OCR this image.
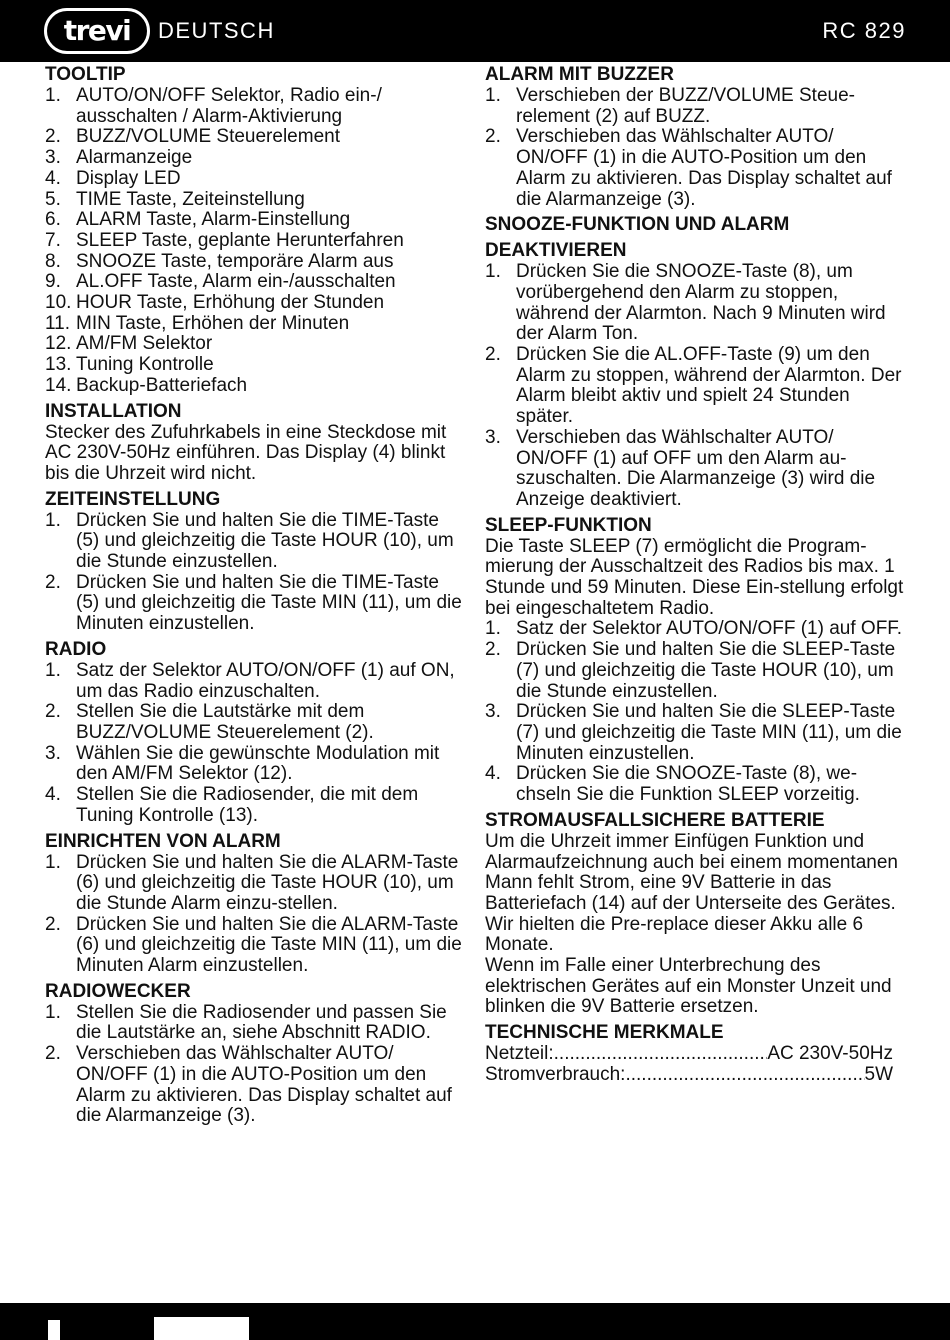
trevi DEUTSCH	RC 829
TOOLTIP
1. AUTO/ON/OFF Selektor, Radio ein-/ ausschalten / Alarm-Aktivierung
2. BUZZ/VOLUME Steuerelement
3. Alarmanzeige
4. Display LED
5. TIME Taste, Zeiteinstellung
6. ALARM Taste, Alarm-Einstellung
7. SLEEP Taste, geplante Herunterfahren
8. SNOOZE Taste, temporäre Alarm aus
9. AL.OFF Taste, Alarm ein-/ausschalten
10. HOUR Taste, Erhöhung der Stunden
11. MIN Taste, Erhöhen der Minuten
12. AM/FM Selektor
13. Tuning Kontrolle
14. Backup-Batteriefach
INSTALLATION

Stecker des Zufuhrkabels in eine Steckdose mit AC 230V-50Hz einführen. Das Display (4) blinkt bis die Uhrzeit wird nicht.

ZEITEINSTELLUNG
1. Drücken Sie und halten Sie die TIME-Taste (5) und gleichzeitig die Taste HOUR (10), um die Stunde einzustellen.
2. Drücken Sie und halten Sie die TIME-Taste (5) und gleichzeitig die Taste MIN (11), um die Minuten einzustellen.
RADIO
1. Satz der Selektor AUTO/ON/OFF (1) auf ON, um das Radio einzuschalten.
2. Stellen Sie die Lautstärke mit dem BUZZ/VOLUME Steuerelement (2).
3. Wählen Sie die gewünschte Modulation mit den AM/FM Selektor (12).
4. Stellen Sie die Radiosender, die mit dem Tuning Kontrolle (13).
EINRICHTEN VON ALARM
1. Drücken Sie und halten Sie die ALARM-Taste (6) und gleichzeitig die Taste HOUR (10), um die Stunde Alarm einzu-stellen.
2. Drücken Sie und halten Sie die ALARM-Taste (6) und gleichzeitig die Taste MIN (11), um die Minuten Alarm einzustellen.
RADIOWECKER
1. Stellen Sie die Radiosender und passen Sie die Lautstärke an, siehe Abschnitt RADIO.
2. Verschieben das Wählschalter AUTO/ ON/OFF (1) in die AUTO-Position um den Alarm zu aktivieren. Das Display schaltet auf die Alarmanzeige (3).
ALARM MIT BUZZER
1. Verschieben der BUZZ/VOLUME Steue-relement (2) auf BUZZ.
2. Verschieben das Wählschalter AUTO/ ON/OFF (1) in die AUTO-Position um den Alarm zu aktivieren. Das Display schaltet auf die Alarmanzeige (3).
SNOOZE-FUNKTION UND ALARM
DEAKTIVIEREN
1. Drücken Sie die SNOOZE-Taste (8), um vorübergehend den Alarm zu stoppen, während der Alarmton. Nach 9 Minuten wird der Alarm Ton.
2. Drücken Sie die AL.OFF-Taste (9) um den Alarm zu stoppen, während der Alarmton. Der Alarm bleibt aktiv und spielt 24 Stunden später.
3. Verschieben das Wählschalter AUTO/ ON/OFF (1) auf OFF um den Alarm au-szuschalten. Die Alarmanzeige (3) wird die Anzeige deaktiviert.
SLEEP-FUNKTION

Die Taste SLEEP (7) ermöglicht die Program-mierung der Ausschaltzeit des Radios bis max. 1 Stunde und 59 Minuten. Diese Ein-stellung erfolgt bei eingeschaltetem Radio.

1. Satz der Selektor AUTO/ON/OFF (1) auf OFF.
2. Drücken Sie und halten Sie die SLEEP-Taste (7) und gleichzeitig die Taste HOUR (10), um die Stunde einzustellen.
3. Drücken Sie und halten Sie die SLEEP-Taste (7) und gleichzeitig die Taste MIN (11), um die Minuten einzustellen.
4. Drücken Sie die SNOOZE-Taste (8), we-chseln Sie die Funktion SLEEP vorzeitig.
STROMAUSFALLSICHERE BATTERIE

Um die Uhrzeit immer Einfügen Funktion und Alarmaufzeichnung auch bei einem momentanen Mann fehlt Strom, eine 9V Batterie in das Batteriefach (14) auf der Unterseite des Gerätes. Wir hielten die Pre-replace dieser Akku alle 6 Monate.

Wenn im Falle einer Unterbrechung des elektrischen Gerätes auf ein Monster Unzeit und blinken die 9V Batterie ersetzen.

TECHNISCHE MERKMALE
Netzteil: .....	AC 230V-50Hz
Stromverbrauch: .....	5W
